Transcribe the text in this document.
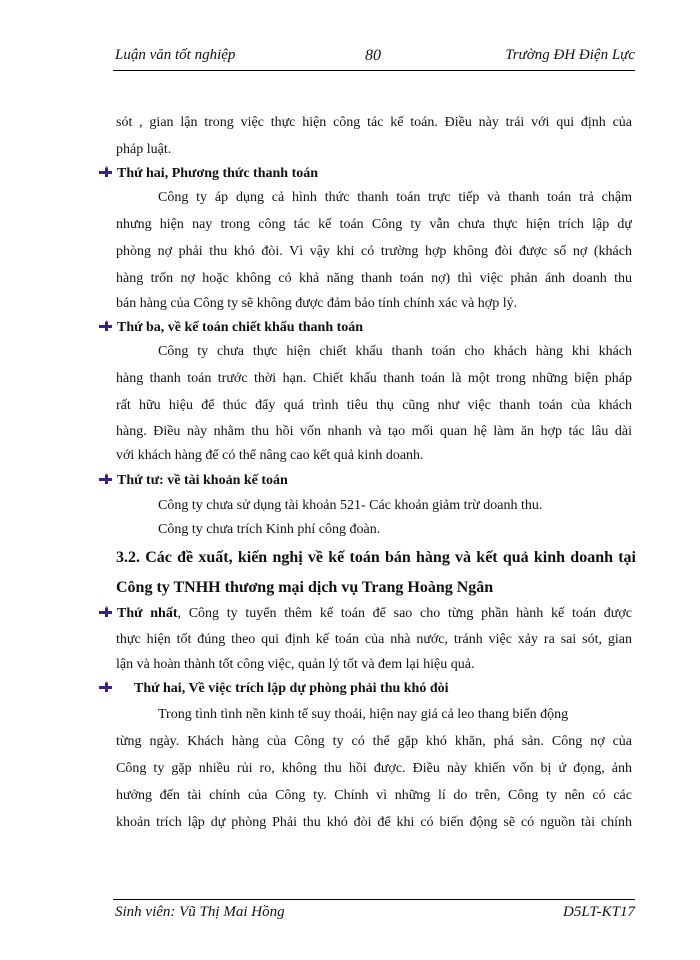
Luận văn tốt nghiệp	80	Trường ĐH Điện Lực
sót , gian lận trong việc thực hiện công tác kế toán. Điều này trái với qui định của
pháp luật.
Thứ hai, Phương thức thanh toán
Công ty áp dụng cả hình thức thanh toán trực tiếp và thanh toán trả chậm
nhưng hiện nay trong công tác kế toán Công ty vẫn chưa thực hiện trích lập dự
phòng nợ phải thu khó đòi. Vì vậy khi có trường hợp không đòi được số nợ (khách
hàng trốn nợ hoặc không có khả năng thanh toán nợ) thì việc phản ánh doanh thu
bán hàng của Công ty sẽ không được đảm bảo tính chính xác và hợp lý.
Thứ ba, về kế toán chiết khấu thanh toán
Công ty chưa thực hiện chiết khấu thanh toán cho khách hàng khi khách
hàng thanh toán trước thời hạn. Chiết khấu thanh toán là một trong những biện pháp
rất hữu hiệu để thúc đẩy quá trình tiêu thụ cũng như việc thanh toán của khách
hàng. Điều này nhằm thu hồi vốn nhanh và tạo mối quan hệ làm ăn hợp tác lâu dài
với khách hàng để có thể nâng cao kết quả kinh doanh.
Thứ tư: về tài khoản kế toán
Công ty chưa sử dụng tài khoản 521- Các khoản giảm trừ doanh thu.
Công ty chưa trích Kinh phí công đoàn.
3.2. Các đề xuất, kiến nghị về kế toán bán hàng và kết quả kinh doanh tại
Công ty TNHH thương mại dịch vụ Trang Hoàng Ngân
Thứ nhất, Công ty tuyển thêm kế toán để sao cho từng phần hành kế toán được
thực hiện tốt đúng theo qui định kế toán của nhà nước, tránh việc xảy ra sai sót, gian
lận và hoàn thành tốt công việc, quản lý tốt và đem lại hiệu quả.
Thứ hai, Về việc trích lập dự phòng phải thu khó đòi
Trong tình tình nền kinh tế suy thoái, hiện nay giá cả leo thang biến động
từng ngày. Khách hàng của Công ty có thể gặp khó khăn, phá sản. Công nợ của
Công ty gặp nhiều rủi ro, không thu hồi được. Điều này khiến vốn bị ứ đọng, ảnh
hưởng đến tài chính của Công ty. Chính vì những lí do trên, Công ty nên có các
khoản trích lập dự phòng Phải thu khó đòi để khi có biến động sẽ có nguồn tài chính
Sinh viên: Vũ Thị Mai Hồng	D5LT-KT17
